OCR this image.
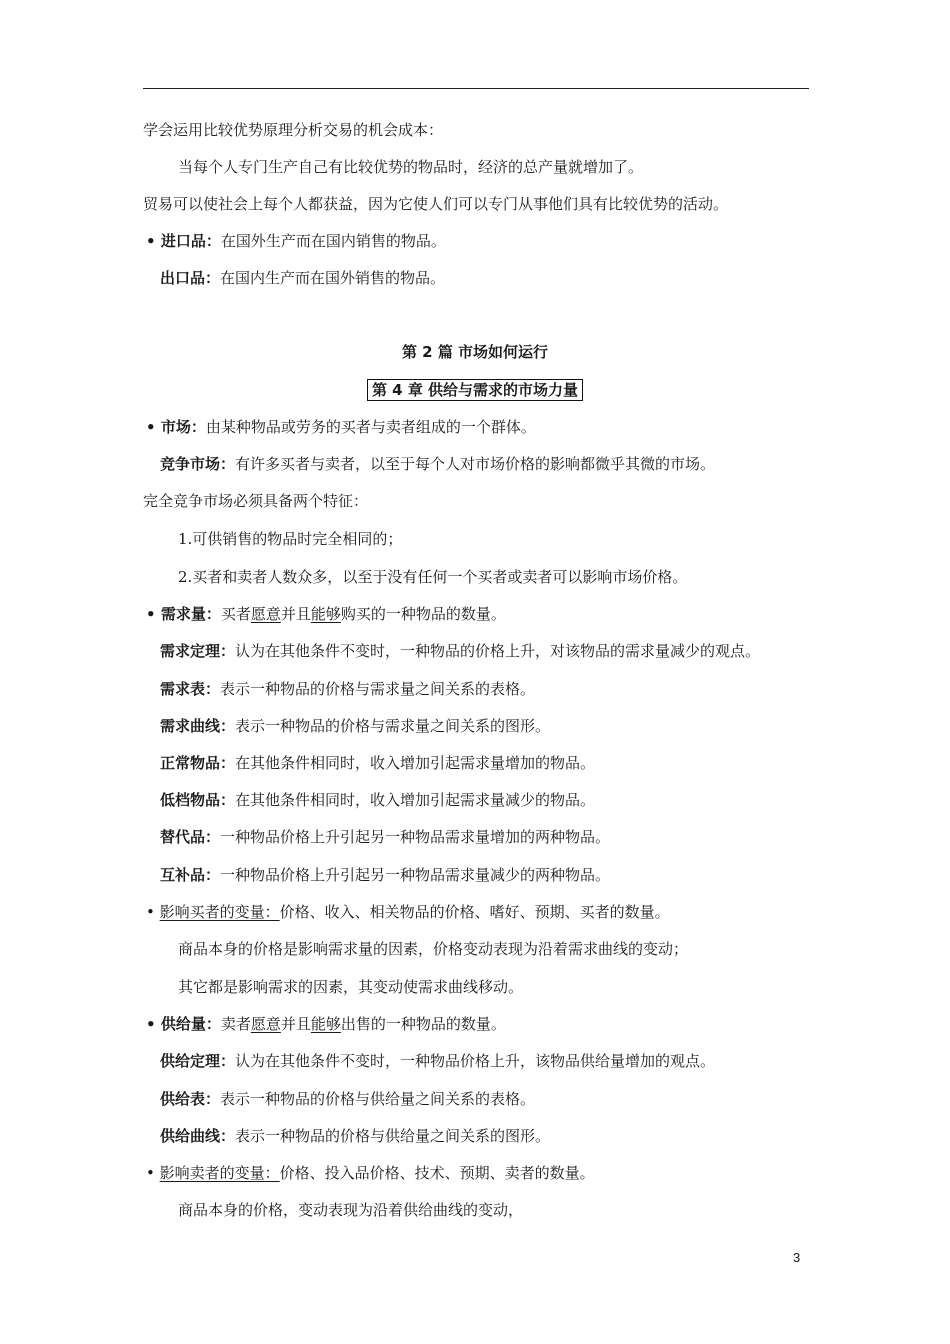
学会运用比较优势原理分析交易的机会成本：
当每个人专门生产自己有比较优势的物品时，经济的总产量就增加了。
贸易可以使社会上每个人都获益，因为它使人们可以专门从事他们具有比较优势的活动。
• 进口品：在国外生产而在国内销售的物品。
出口品：在国内生产而在国外销售的物品。
第 2 篇 市场如何运行
第 4 章 供给与需求的市场力量
• 市场：由某种物品或劳务的买者与卖者组成的一个群体。
竞争市场：有许多买者与卖者，以至于每个人对市场价格的影响都微乎其微的市场。
完全竞争市场必须具备两个特征：
1.可供销售的物品时完全相同的；
2.买者和卖者人数众多，以至于没有任何一个买者或卖者可以影响市场价格。
• 需求量：买者愿意并且能够购买的一种物品的数量。
需求定理：认为在其他条件不变时，一种物品的价格上升，对该物品的需求量减少的观点。
需求表：表示一种物品的价格与需求量之间关系的表格。
需求曲线：表示一种物品的价格与需求量之间关系的图形。
正常物品：在其他条件相同时，收入增加引起需求量增加的物品。
低档物品：在其他条件相同时，收入增加引起需求量减少的物品。
替代品：一种物品价格上升引起另一种物品需求量增加的两种物品。
互补品：一种物品价格上升引起另一种物品需求量减少的两种物品。
• 影响买者的变量：价格、收入、相关物品的价格、嗜好、预期、买者的数量。
商品本身的价格是影响需求量的因素，价格变动表现为沿着需求曲线的变动；
其它都是影响需求的因素，其变动使需求曲线移动。
• 供给量：卖者愿意并且能够出售的一种物品的数量。
供给定理：认为在其他条件不变时，一种物品价格上升，该物品供给量增加的观点。
供给表：表示一种物品的价格与供给量之间关系的表格。
供给曲线：表示一种物品的价格与供给量之间关系的图形。
• 影响卖者的变量：价格、投入品价格、技术、预期、卖者的数量。
商品本身的价格，变动表现为沿着供给曲线的变动，
3
